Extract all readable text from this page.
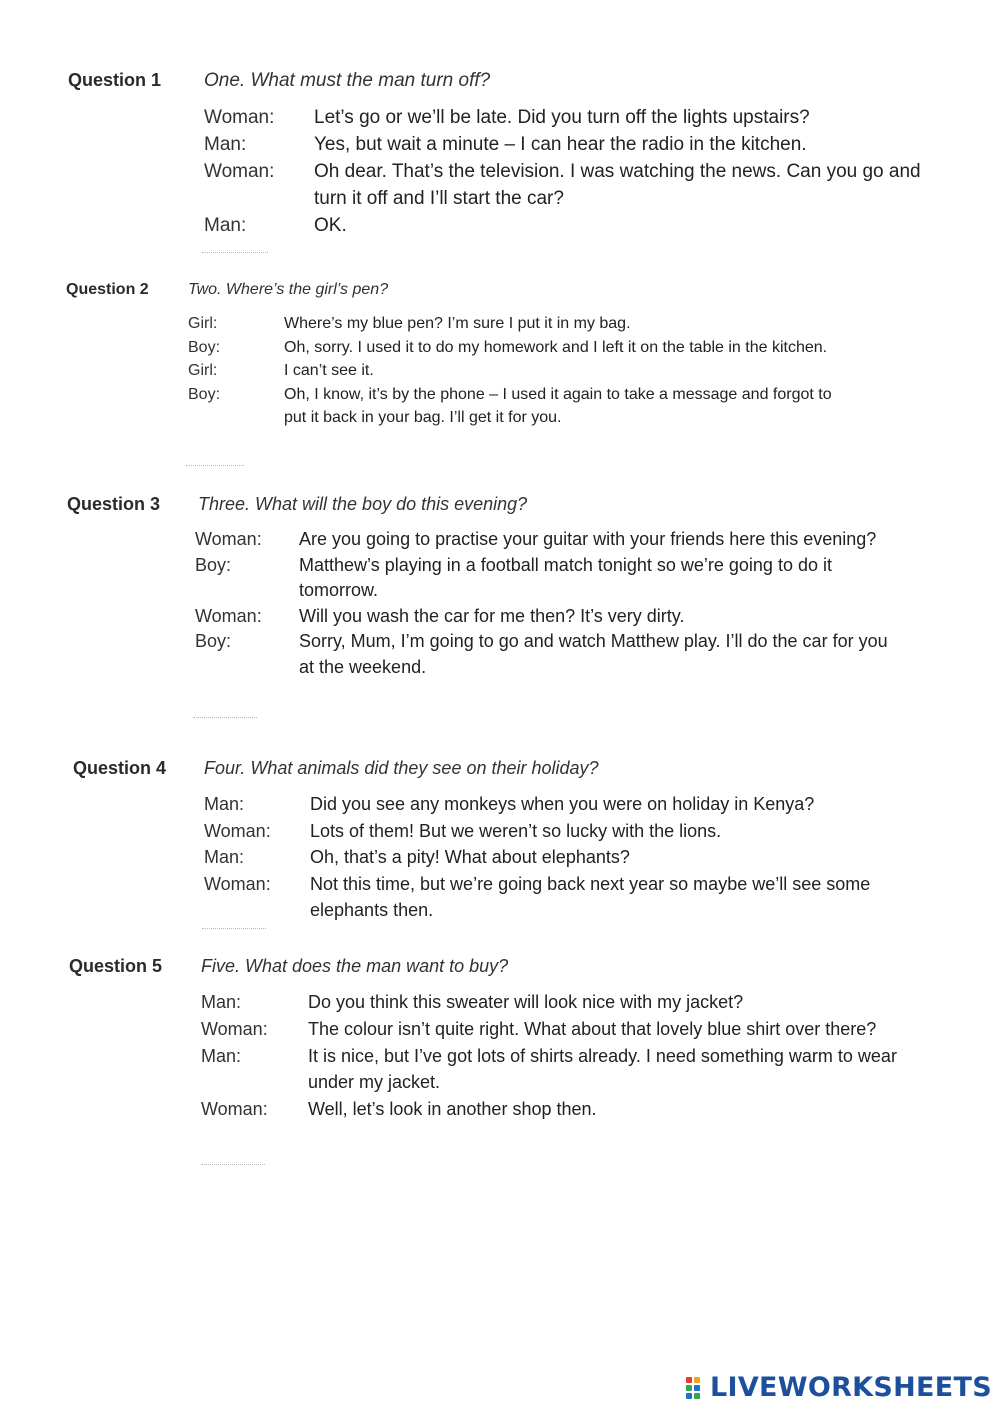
Question 1 One. What must the man turn off?
Woman:	Let’s go or we’ll be late. Did you turn off the lights upstairs?
Man:	Yes, but wait a minute – I can hear the radio in the kitchen.
Woman:	Oh dear. That’s the television. I was watching the news. Can you go and turn it off and I’ll start the car?
Man:	OK.
Question 2 Two. Where’s the girl’s pen?
Girl:	Where’s my blue pen? I’m sure I put it in my bag.
Boy:	Oh, sorry. I used it to do my homework and I left it on the table in the kitchen.
Girl:	I can’t see it.
Boy:	Oh, I know, it’s by the phone – I used it again to take a message and forgot to put it back in your bag. I’ll get it for you.
Question 3 Three. What will the boy do this evening?
Woman:	Are you going to practise your guitar with your friends here this evening?
Boy:	Matthew’s playing in a football match tonight so we’re going to do it tomorrow.
Woman:	Will you wash the car for me then? It’s very dirty.
Boy:	Sorry, Mum, I’m going to go and watch Matthew play. I’ll do the car for you at the weekend.
Question 4 Four. What animals did they see on their holiday?
Man:	Did you see any monkeys when you were on holiday in Kenya?
Woman:	Lots of them! But we weren’t so lucky with the lions.
Man:	Oh, that’s a pity! What about elephants?
Woman:	Not this time, but we’re going back next year so maybe we’ll see some elephants then.
Question 5 Five. What does the man want to buy?
Man:	Do you think this sweater will look nice with my jacket?
Woman:	The colour isn’t quite right. What about that lovely blue shirt over there?
Man:	It is nice, but I’ve got lots of shirts already. I need something warm to wear under my jacket.
Woman:	Well, let’s look in another shop then.
LIVEWORKSHEETS
